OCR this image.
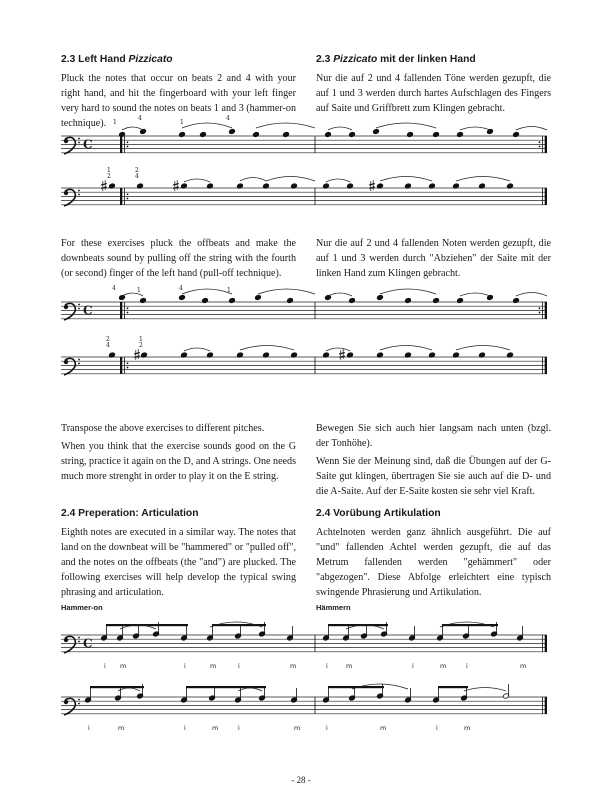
2.3 Left Hand Pizzicato

Pluck the notes that occur on beats 2 and 4 with your right hand, and hit the fingerboard with your left finger very hard to sound the notes on beats 1 and 3 (hammer-on technique).

2.3 Pizzicato mit der linken Hand

Nur die auf 2 und 4 fallenden Töne werden gezupft, die auf 1 und 3 werden durch hartes Aufschlagen des Fingers auf Saite und Griffbrett zum Klingen gebracht.

For these exercises pluck the offbeats and make the downbeats sound by pulling off the string with the fourth (or second) finger of the left hand (pull-off technique).

Nur die auf 2 und 4 fallenden Noten werden gezupft, die auf 1 und 3 werden durch "Abziehen" der Saite mit der linken Hand zum Klingen gebracht.

Transpose the above exercises to different pitches.

When you think that the exercise sounds good on the G string, practice it again on the D, and A strings. One needs much more strenght in order to play it on the E string.

Bewegen Sie sich auch hier langsam nach unten (bzgl. der Tonhöhe).

Wenn Sie der Meinung sind, daß die Übungen auf der G-Saite gut klingen, übertragen Sie sie auch auf die D- und die A-Saite. Auf der E-Saite kosten sie sehr viel Kraft.

2.4 Preperation: Articulation

Eighth notes are executed in a similar way. The notes that land on the downbeat will be "hammered" or "pulled off", and the notes on the offbeats (the "and") are plucked. The following exercises will help develop the typical swing phrasing and articulation.

2.4 Vorübung Artikulation

Achtelnoten werden ganz ähnlich ausgeführt. Die auf "und" fallenden Achtel werden gezupft, die auf das Metrum fallenden werden "gehämmert" oder "abgezogen". Diese Abfolge erleichtert eine typisch swingende Phrasierung und Artikulation.

Hammer-on	Hämmern
C
1
4
1
4
1
2
2
4
C
4	1	4	1
2
4
1
2
C
i m	i	m	i	m	i	m	i	m	i	m
i	m	i	m	i	m	i	m	i	m
- 28 -
